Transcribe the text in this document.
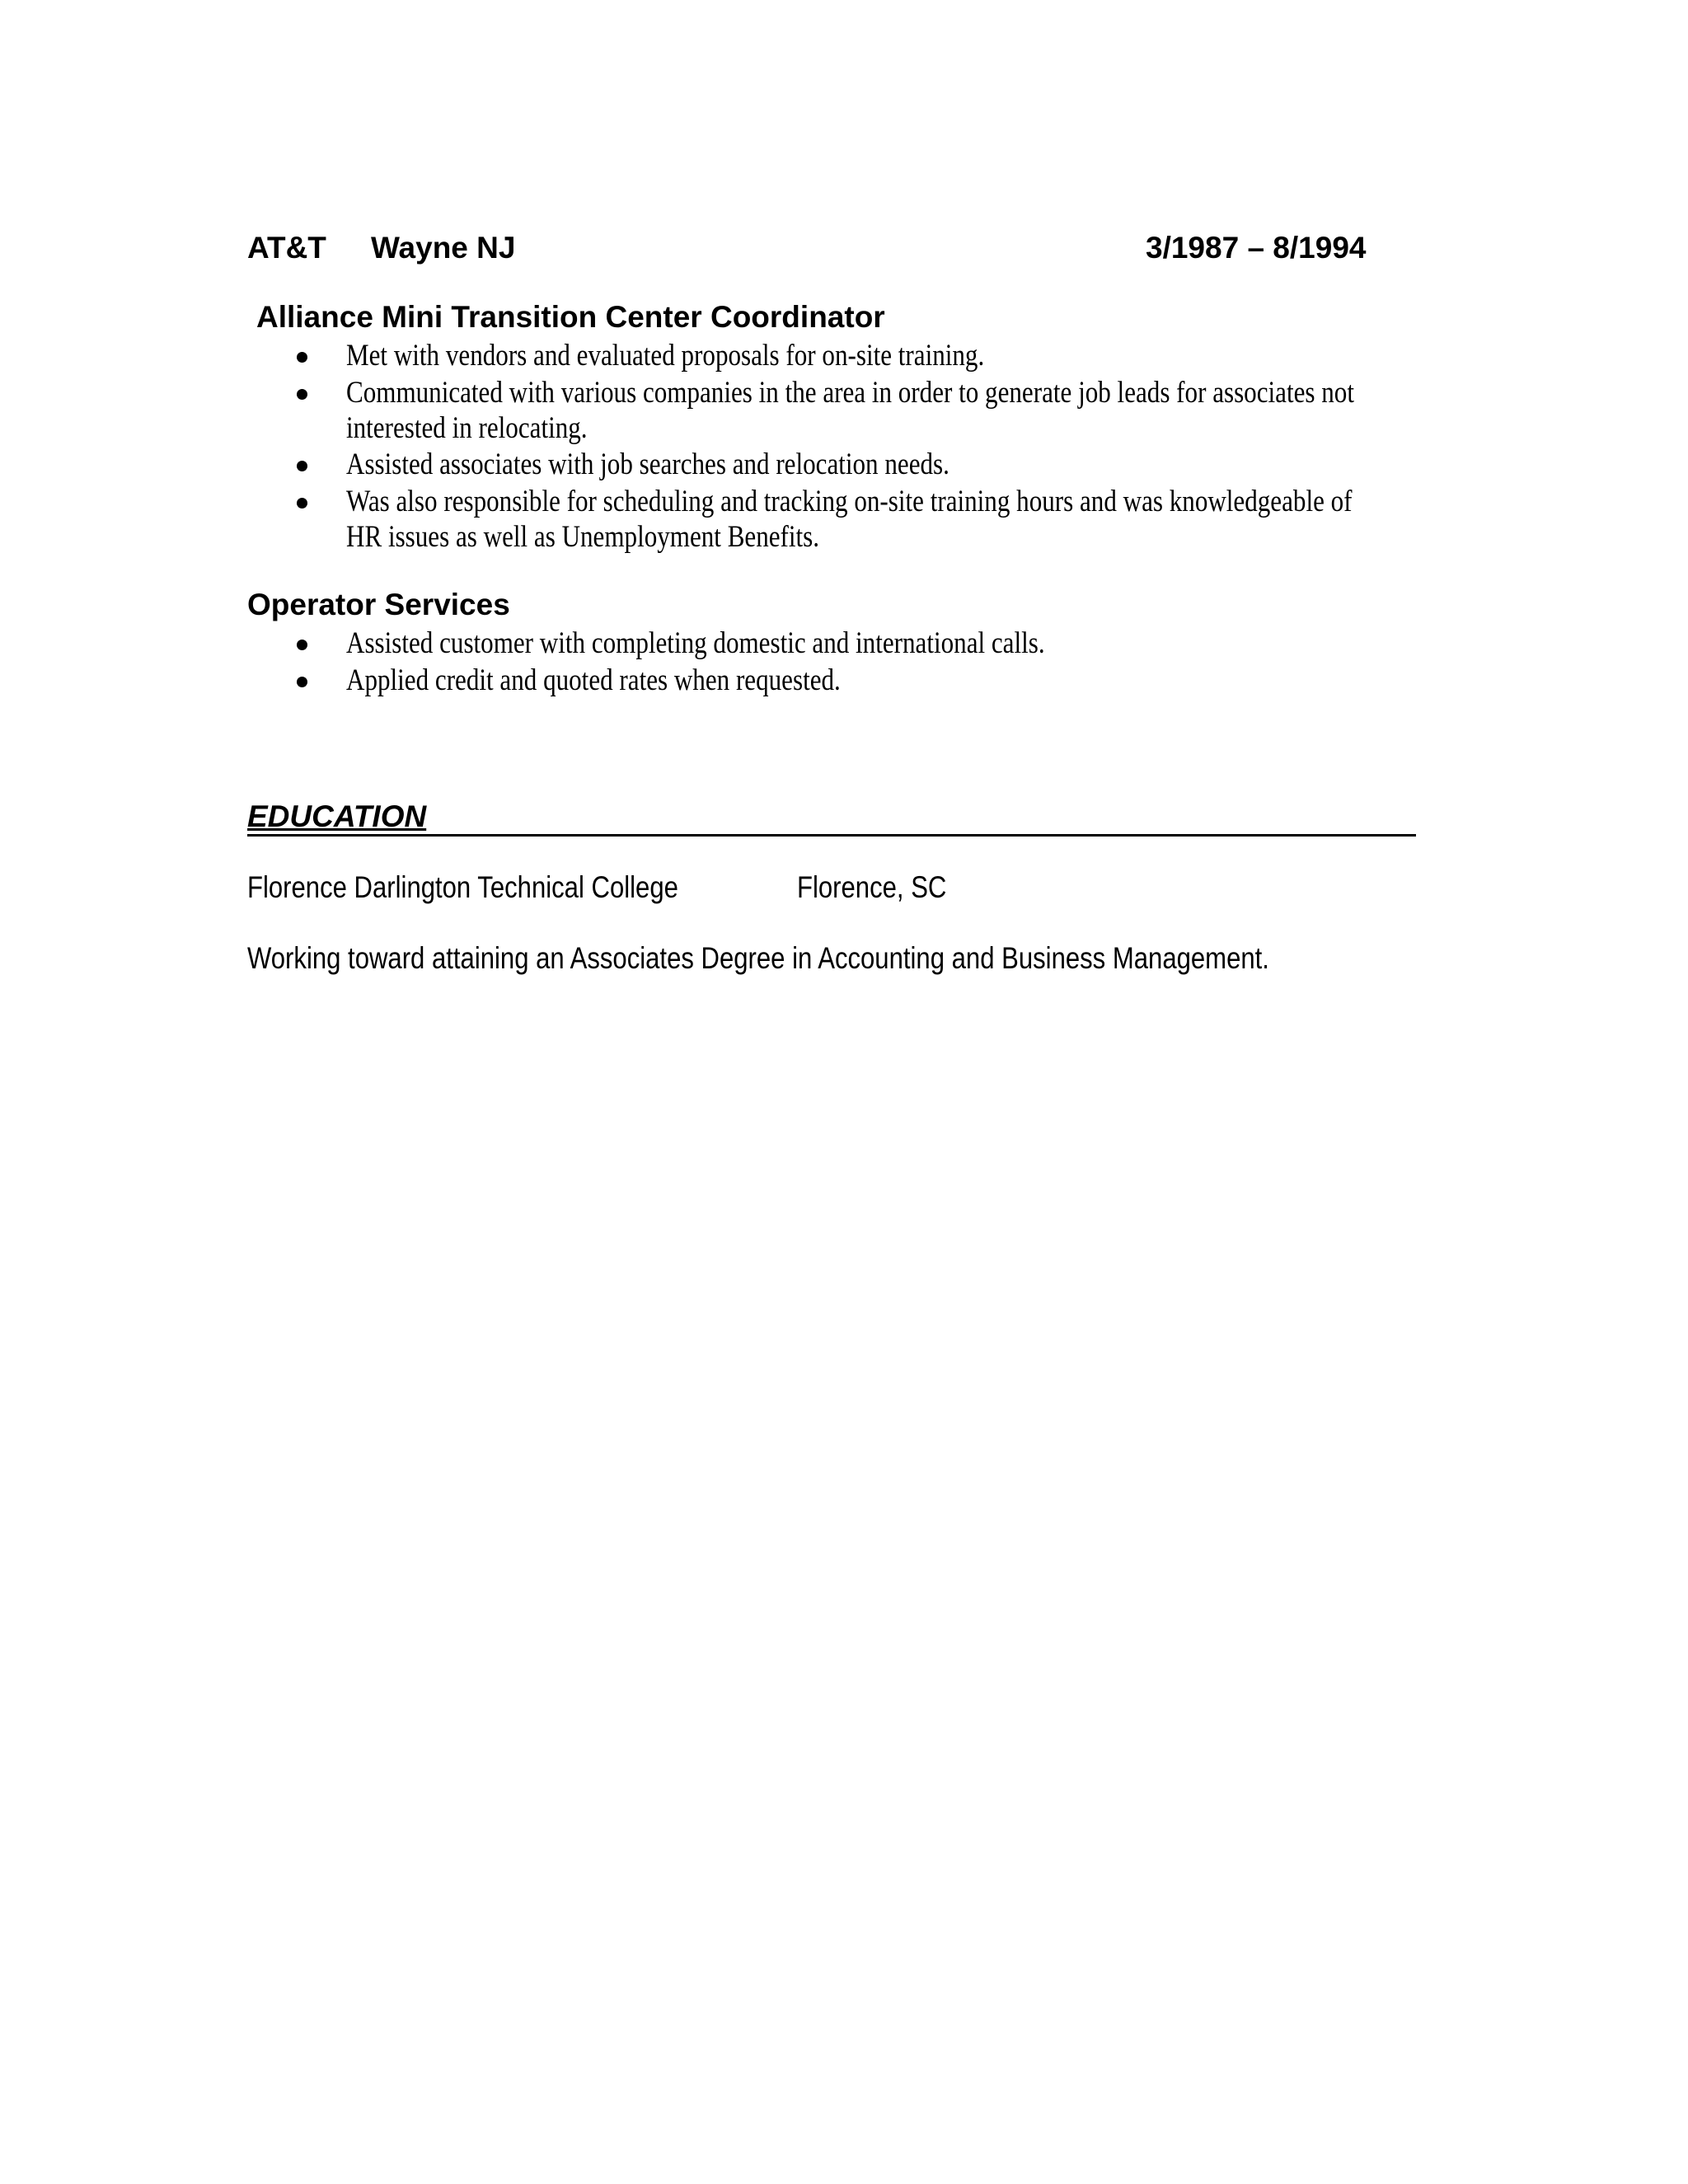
AT&T Wayne NJ	3/1987 – 8/1994
Alliance Mini Transition Center Coordinator
Met with vendors and evaluated proposals for on-site training.
Communicated with various companies in the area in order to generate job leads for associates not
interested in relocating.
Assisted associates with job searches and relocation needs.
Was also responsible for scheduling and tracking on-site training hours and was knowledgeable of
HR issues as well as Unemployment Benefits.
Operator Services
Assisted customer with completing domestic and international calls.
Applied credit and quoted rates when requested.
EDUCATION
Florence Darlington Technical College	Florence, SC
Working toward attaining an Associates Degree in Accounting and Business Management.
